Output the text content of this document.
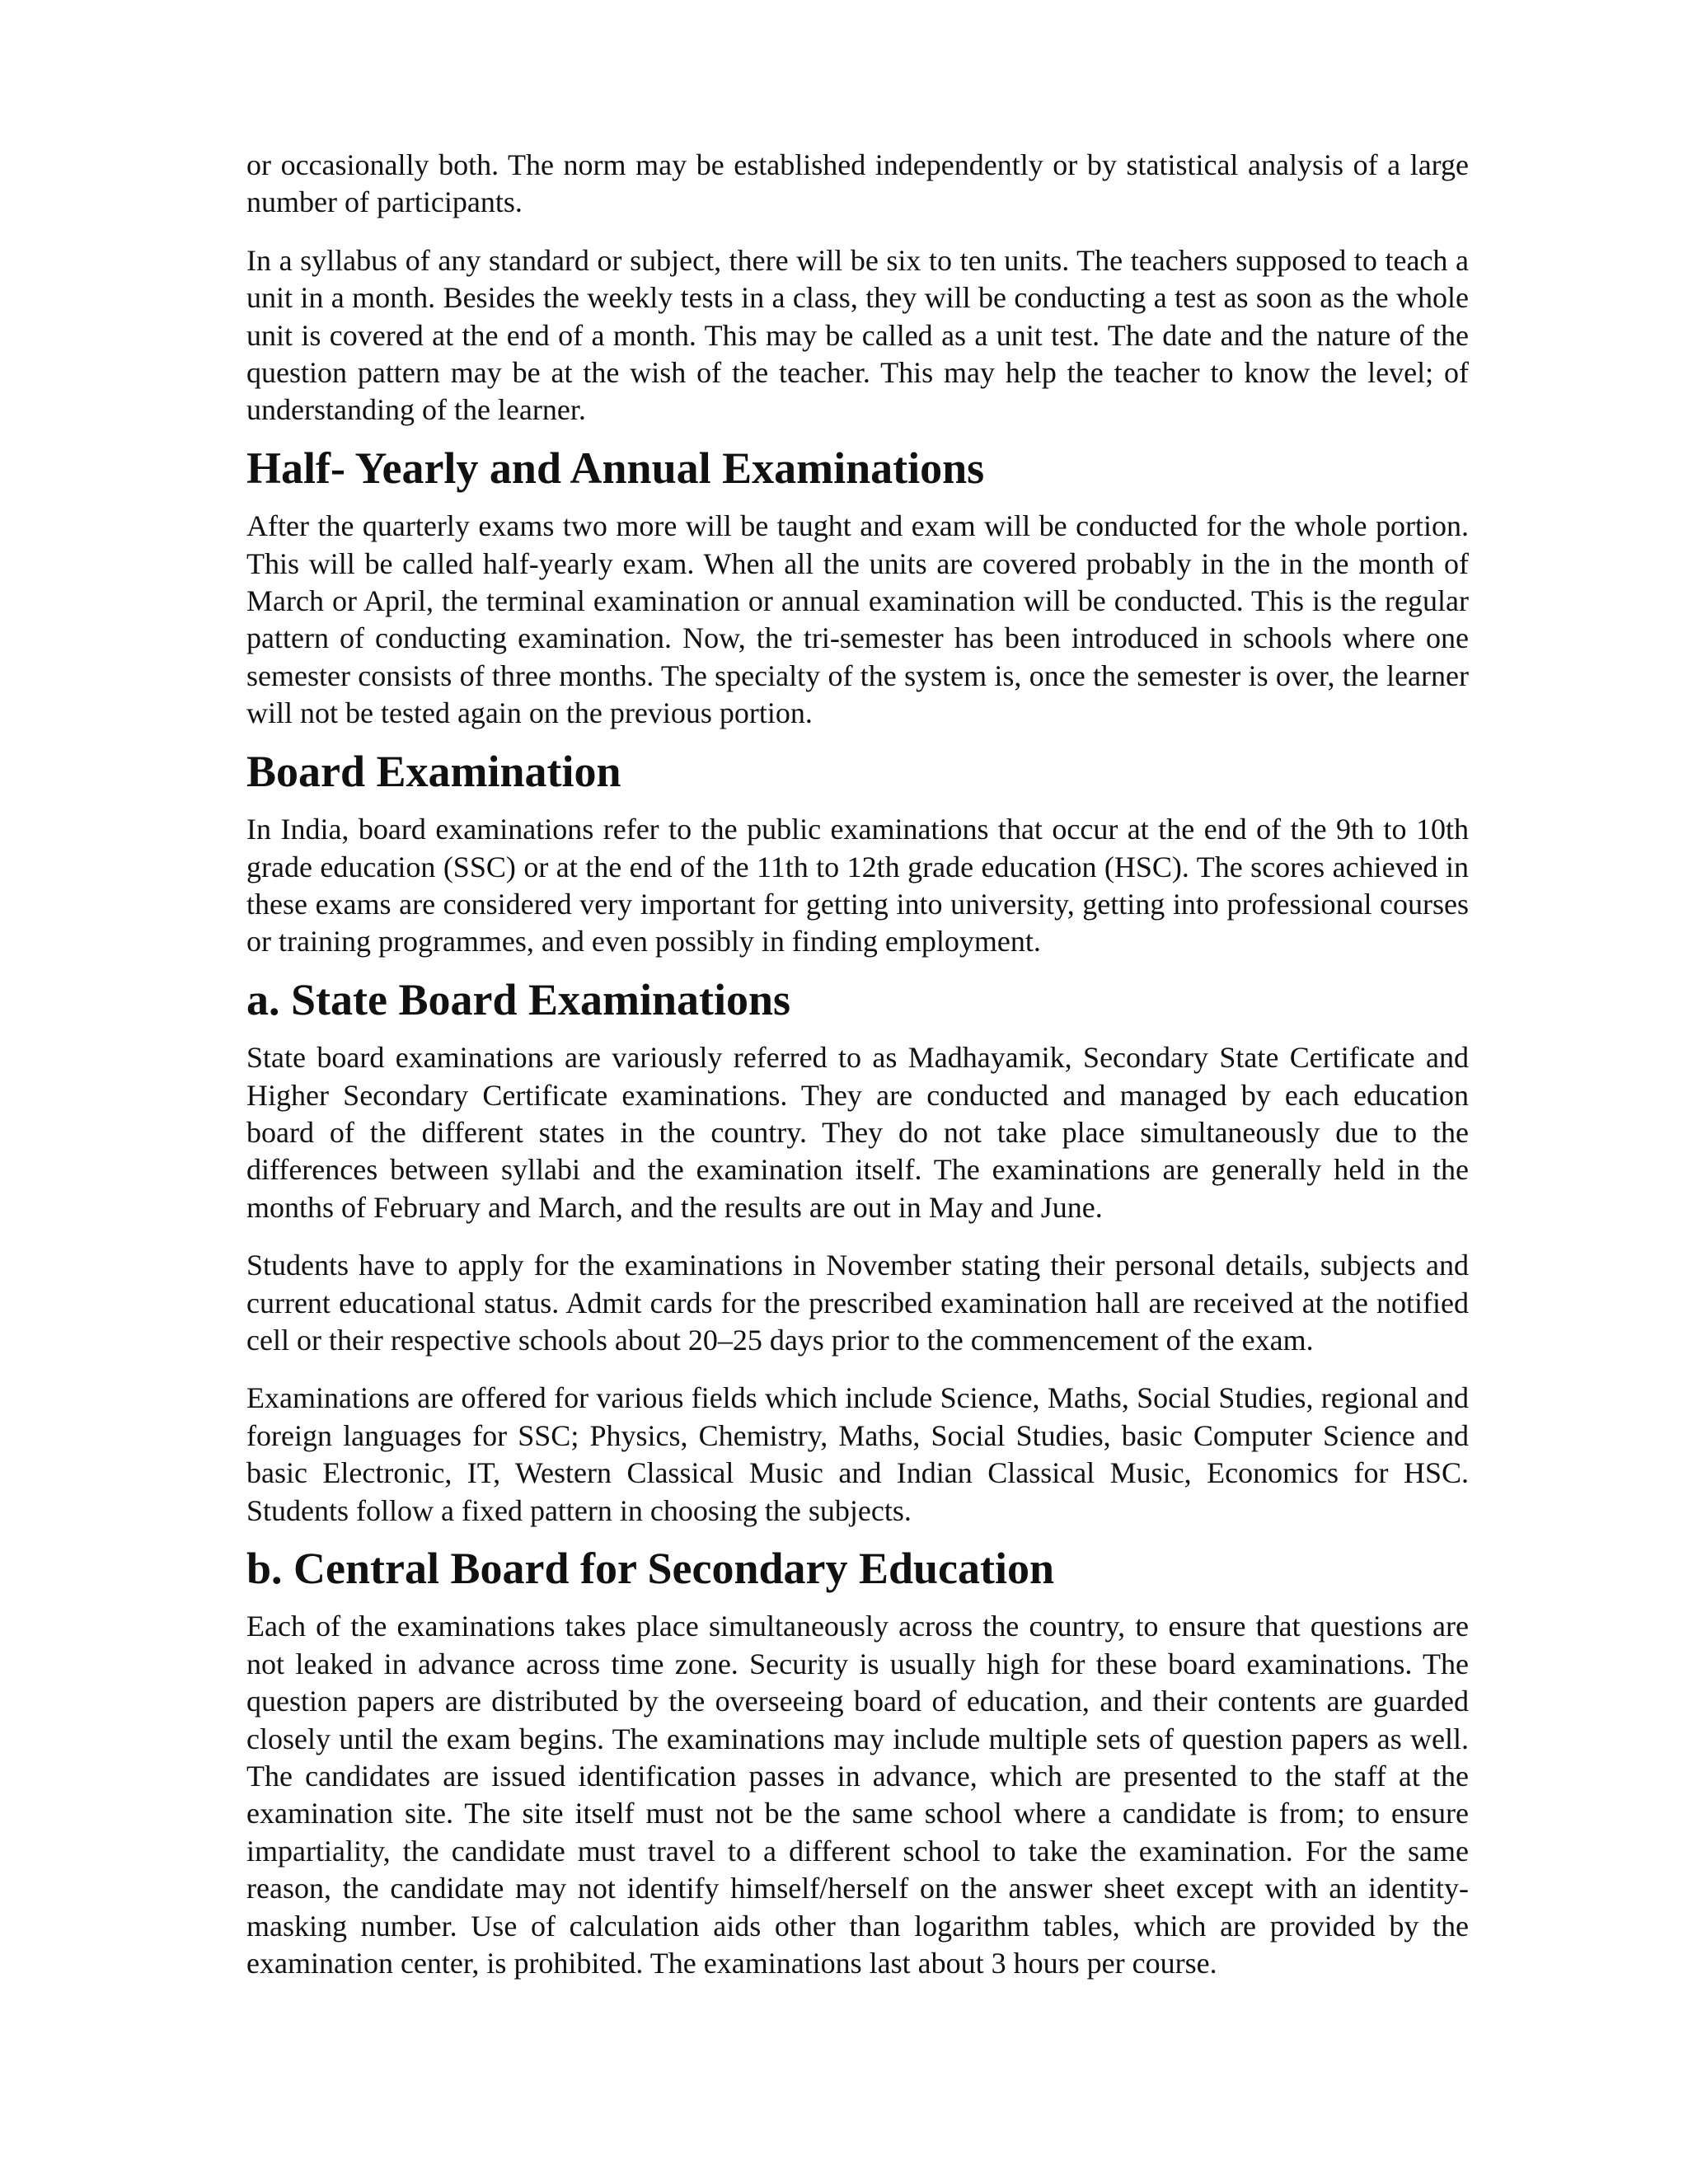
or occasionally both. The norm may be established independently or by statistical analysis of a large number of participants.

In a syllabus of any standard or subject, there will be six to ten units. The teachers supposed to teach a unit in a month. Besides the weekly tests in a class, they will be conducting a test as soon as the whole unit is covered at the end of a month. This may be called as a unit test. The date and the nature of the question pattern may be at the wish of the teacher. This may help the teacher to know the level; of understanding of the learner.

Half- Yearly and Annual Examinations

After the quarterly exams two more will be taught and exam will be conducted for the whole portion. This will be called half-yearly exam. When all the units are covered probably in the in the month of March or April, the terminal examination or annual examination will be conducted. This is the regular pattern of conducting examination. Now, the tri-semester has been introduced in schools where one semester consists of three months. The specialty of the system is, once the semester is over, the learner will not be tested again on the previous portion.

Board Examination

In India, board examinations refer to the public examinations that occur at the end of the 9th to 10th grade education (SSC) or at the end of the 11th to 12th grade education (HSC). The scores achieved in these exams are considered very important for getting into university, getting into professional courses or training programmes, and even possibly in finding employment.

a. State Board Examinations

State board examinations are variously referred to as Madhayamik, Secondary State Certificate and Higher Secondary Certificate examinations. They are conducted and managed by each education board of the different states in the country. They do not take place simultaneously due to the differences between syllabi and the examination itself. The examinations are generally held in the months of February and March, and the results are out in May and June.

Students have to apply for the examinations in November stating their personal details, subjects and current educational status. Admit cards for the prescribed examination hall are received at the notified cell or their respective schools about 20–25 days prior to the commencement of the exam.

Examinations are offered for various fields which include Science, Maths, Social Studies, regional and foreign languages for SSC; Physics, Chemistry, Maths, Social Studies, basic Computer Science and basic Electronic, IT, Western Classical Music and Indian Classical Music, Economics for HSC. Students follow a fixed pattern in choosing the subjects.

b. Central Board for Secondary Education

Each of the examinations takes place simultaneously across the country, to ensure that questions are not leaked in advance across time zone. Security is usually high for these board examinations. The question papers are distributed by the overseeing board of education, and their contents are guarded closely until the exam begins. The examinations may include multiple sets of question papers as well. The candidates are issued identification passes in advance, which are presented to the staff at the examination site. The site itself must not be the same school where a candidate is from; to ensure impartiality, the candidate must travel to a different school to take the examination. For the same reason, the candidate may not identify himself/herself on the answer sheet except with an identity-masking number. Use of calculation aids other than logarithm tables, which are provided by the examination center, is prohibited. The examinations last about 3 hours per course.
